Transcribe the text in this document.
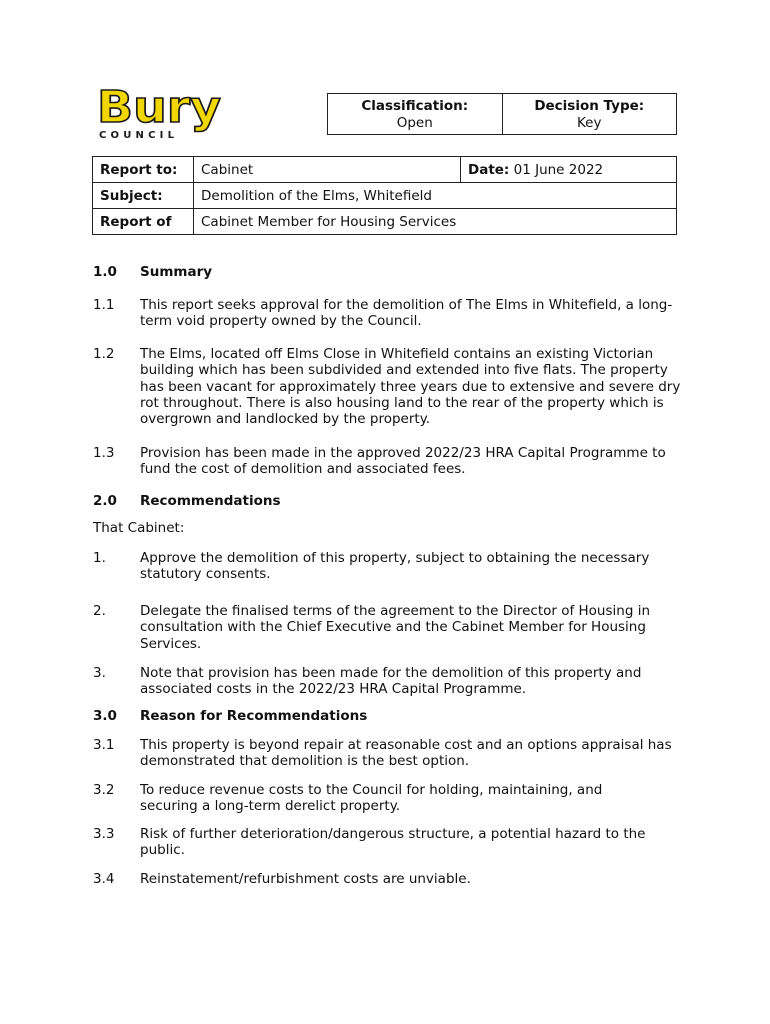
Bury
COUNCIL
Classification:
Open
Decision Type:
Key
Report to:	Cabinet	Date: 01 June 2022
Subject:	Demolition of the Elms, Whitefield	
Report of	Cabinet Member for Housing Services	
1.0 Summary
1.1 This report seeks approval for the demolition of The Elms in Whitefield, a long-term void property owned by the Council.

1.2 The Elms, located off Elms Close in Whitefield contains an existing Victorian building which has been subdivided and extended into five flats. The property has been vacant for approximately three years due to extensive and severe dry rot throughout. There is also housing land to the rear of the property which is overgrown and landlocked by the property.

1.3 Provision has been made in the approved 2022/23 HRA Capital Programme to fund the cost of demolition and associated fees.

2.0 Recommendations
That Cabinet:
1.	Approve the demolition of this property, subject to obtaining the necessary statutory consents.

2.	Delegate the finalised terms of the agreement to the Director of Housing in consultation with the Chief Executive and the Cabinet Member for Housing Services.

3.	Note that provision has been made for the demolition of this property and associated costs in the 2022/23 HRA Capital Programme.

3.0 Reason for Recommendations
3.1 This property is beyond repair at reasonable cost and an options appraisal has demonstrated that demolition is the best option.

3.2 To reduce revenue costs to the Council for holding, maintaining, and securing a long-term derelict property.

3.3 Risk of further deterioration/dangerous structure, a potential hazard to the public.

3.4 Reinstatement/refurbishment costs are unviable.
